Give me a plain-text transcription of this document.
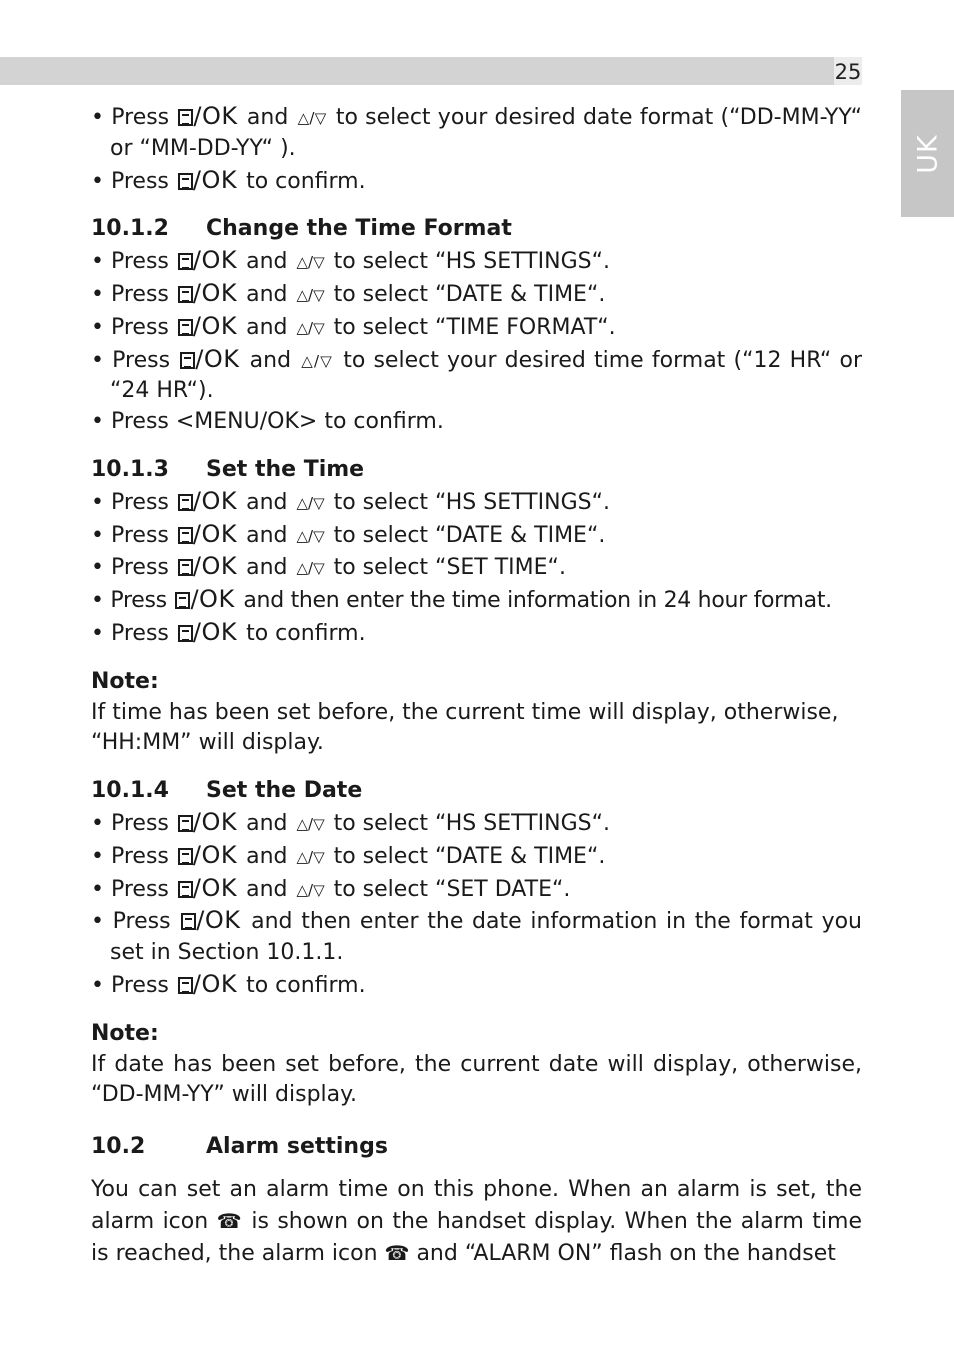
25
UK

• Press /OK and △/▽ to select your desired date format (“DD-MM-YY“ or “MM-DD-YY“ ).

• Press /OK to confirm.

10.1.2 Change the Time Format

• Press /OK and △/▽ to select “HS SETTINGS“.

• Press /OK and △/▽ to select “DATE & TIME“.

• Press /OK and △/▽ to select “TIME FORMAT“.

• Press /OK and △/▽ to select your desired time format (“12 HR“ or “24 HR“).

• Press <MENU/OK> to confirm.

10.1.3 Set the Time

• Press /OK and △/▽ to select “HS SETTINGS“.

• Press /OK and △/▽ to select “DATE & TIME“.

• Press /OK and △/▽ to select “SET TIME“.

• Press /OK and then enter the time information in 24 hour format.

• Press /OK to confirm.

Note:

If time has been set before, the current time will display, otherwise, “HH:MM” will display.

10.1.4 Set the Date

• Press /OK and △/▽ to select “HS SETTINGS“.

• Press /OK and △/▽ to select “DATE & TIME“.

• Press /OK and △/▽ to select “SET DATE“.

• Press /OK and then enter the date information in the format you set in Section 10.1.1.

• Press /OK to confirm.

Note:

If date has been set before, the current date will display, otherwise, “DD-MM-YY” will display.

10.2	Alarm settings

You can set an alarm time on this phone. When an alarm is set, the alarm icon ☎ is shown on the handset display. When the alarm time is reached, the alarm icon ☎ and “ALARM ON” flash on the handset
